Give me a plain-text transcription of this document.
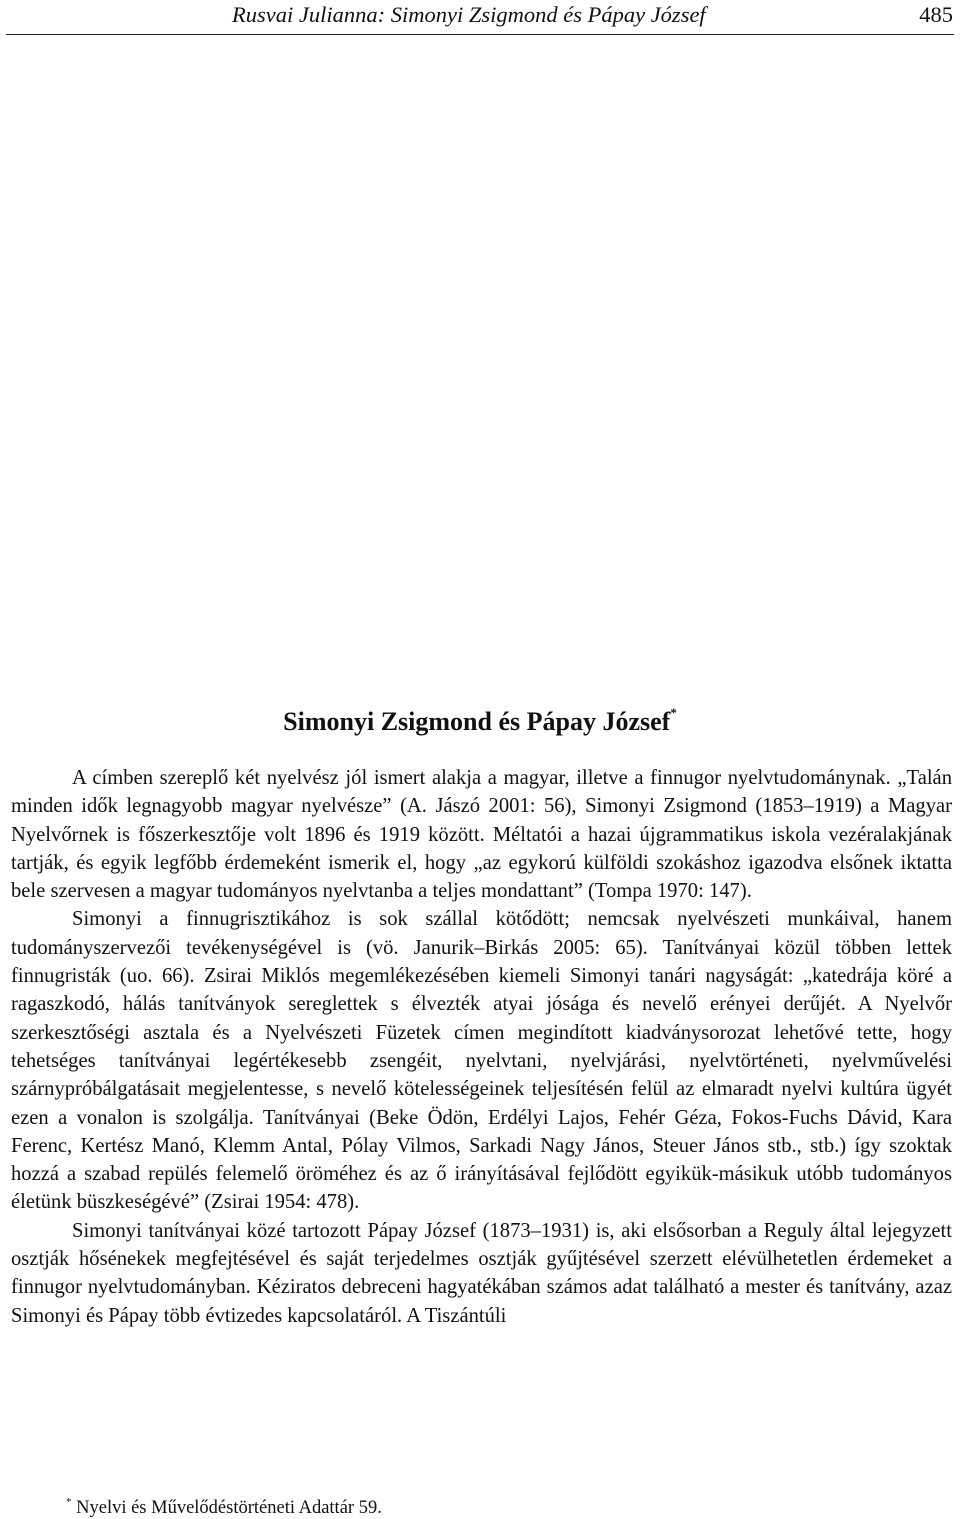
Rusvai Julianna: Simonyi Zsigmond és Pápay József	485
Simonyi Zsigmond és Pápay József*

A címben szereplő két nyelvész jól ismert alakja a magyar, illetve a finnugor nyelvtudománynak. „Talán minden idők legnagyobb magyar nyelvésze” (A. Jászó 2001: 56), Simonyi Zsigmond (1853–1919) a Magyar Nyelvőrnek is főszerkesztője volt 1896 és 1919 között. Méltatói a hazai újgrammatikus iskola vezéralakjának tartják, és egyik legfőbb érdemeként ismerik el, hogy „az egykorú külföldi szokáshoz igazodva elsőnek iktatta bele szervesen a magyar tudományos nyelvtanba a teljes mondattant” (Tompa 1970: 147).

Simonyi a finnugrisztikához is sok szállal kötődött; nemcsak nyelvészeti munkáival, hanem tudományszervezői tevékenységével is (vö. Janurik–Birkás 2005: 65). Tanítványai közül többen lettek finnugristák (uo. 66). Zsirai Miklós megemlékezésében kiemeli Simonyi tanári nagyságát: „katedrája köré a ragaszkodó, hálás tanítványok sereglettek s élvezték atyai jósága és nevelő erényei derűjét. A Nyelvőr szerkesztőségi asztala és a Nyelvészeti Füzetek címen megindított kiadványsorozat lehetővé tette, hogy tehetséges tanítványai legértékesebb zsengéit, nyelvtani, nyelvjárási, nyelvtörténeti, nyelvművelési szárnypróbálgatásait megjelentesse, s nevelő kötelességeinek teljesítésén felül az elmaradt nyelvi kultúra ügyét ezen a vonalon is szolgálja. Tanítványai (Beke Ödön, Erdélyi Lajos, Fehér Géza, Fokos-Fuchs Dávid, Kara Ferenc, Kertész Manó, Klemm Antal, Pólay Vilmos, Sarkadi Nagy János, Steuer János stb., stb.) így szoktak hozzá a szabad repülés felemelő öröméhez és az ő irányításával fejlődött egyikük-másikuk utóbb tudományos életünk büszkeségévé” (Zsirai 1954: 478).

Simonyi tanítványai közé tartozott Pápay József (1873–1931) is, aki elsősorban a Reguly által lejegyzett osztják hősénekek megfejtésével és saját terjedelmes osztják gyűjtésével szerzett elévülhetetlen érdemeket a finnugor nyelvtudományban. Kéziratos debreceni hagyatékában számos adat található a mester és tanítvány, azaz Simonyi és Pápay több évtizedes kapcsolatáról. A Tiszántúli

* Nyelvi és Művelődéstörténeti Adattár 59.
